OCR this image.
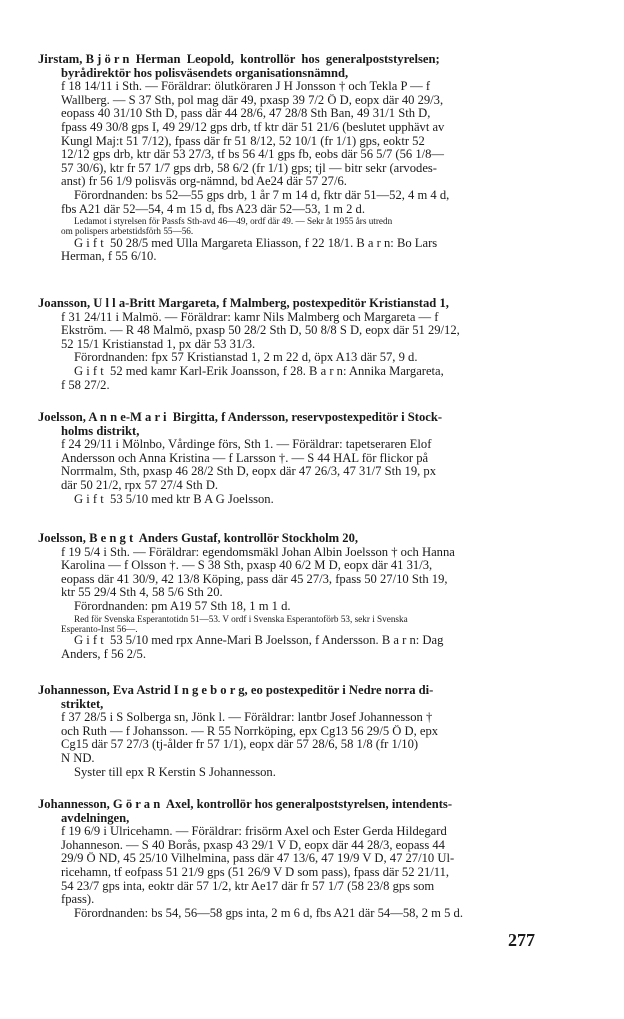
Jirstam, B j ö r n  Herman  Leopold,  kontrollör  hos  generalpoststyrelsen;
byrådirektör hos polisväsendets organisationsnämnd,
f 18 14/11 i Sth. — Föräldrar: ölutköraren J H Jonsson † och Tekla P — f
Wallberg. — S 37 Sth, pol mag där 49, pxasp 39 7/2 Ö D, eopx där 40 29/3,
eopass 40 31/10 Sth D, pass där 44 28/6, 47 28/8 Sth Ban, 49 31/1 Sth D,
fpass 49 30/8 gps I, 49 29/12 gps drb, tf ktr där 51 21/6 (beslutet upphävt av
Kungl Maj:t 51 7/12), fpass där fr 51 8/12, 52 10/1 (fr 1/1) gps, eoktr 52
12/12 gps drb, ktr där 53 27/3, tf bs 56 4/1 gps fb, eobs där 56 5/7 (56 1/8—
57 30/6), ktr fr 57 1/7 gps drb, 58 6/2 (fr 1/1) gps; tjl — bitr sekr (arvodes-
anst) fr 56 1/9 polisväs org-nämnd, bd Ae24 där 57 27/6.
Förordnanden: bs 52—55 gps drb, 1 år 7 m 14 d, fktr där 51—52, 4 m 4 d,
fbs A21 där 52—54, 4 m 15 d, fbs A23 där 52—53, 1 m 2 d.
Ledamot i styrelsen för Passfs Sth-avd 46—49, ordf där 49. — Sekr åt 1955 års utredn
om polispers arbetstidsförh 55—56.
G i f t  50 28/5 med Ulla Margareta Eliasson, f 22 18/1. B a r n: Bo Lars
Herman, f 55 6/10.
Joansson, U l l a-Britt Margareta, f Malmberg, postexpeditör Kristianstad 1,
f 31 24/11 i Malmö. — Föräldrar: kamr Nils Malmberg och Margareta — f
Ekström. — R 48 Malmö, pxasp 50 28/2 Sth D, 50 8/8 S D, eopx där 51 29/12,
52 15/1 Kristianstad 1, px där 53 31/3.
Förordnanden: fpx 57 Kristianstad 1, 2 m 22 d, öpx A13 där 57, 9 d.
G i f t  52 med kamr Karl-Erik Joansson, f 28. B a r n: Annika Margareta,
f 58 27/2.
Joelsson, A n n e-M a r i  Birgitta, f Andersson, reservpostexpeditör i Stock-
holms distrikt,
f 24 29/11 i Mölnbo, Vårdinge förs, Sth 1. — Föräldrar: tapetseraren Elof
Andersson och Anna Kristina — f Larsson †. — S 44 HAL för flickor på
Norrmalm, Sth, pxasp 46 28/2 Sth D, eopx där 47 26/3, 47 31/7 Sth 19, px
där 50 21/2, rpx 57 27/4 Sth D.
G i f t  53 5/10 med ktr B A G Joelsson.
Joelsson, B e n g t  Anders Gustaf, kontrollör Stockholm 20,
f 19 5/4 i Sth. — Föräldrar: egendomsmäkl Johan Albin Joelsson † och Hanna
Karolina — f Olsson †. — S 38 Sth, pxasp 40 6/2 M D, eopx där 41 31/3,
eopass där 41 30/9, 42 13/8 Köping, pass där 45 27/3, fpass 50 27/10 Sth 19,
ktr 55 29/4 Sth 4, 58 5/6 Sth 20.
Förordnanden: pm A19 57 Sth 18, 1 m 1 d.
Red för Svenska Esperantotidn 51—53. V ordf i Svenska Esperantoförb 53, sekr i Svenska
Esperanto-Inst 56—.
G i f t  53 5/10 med rpx Anne-Mari B Joelsson, f Andersson. B a r n: Dag
Anders, f 56 2/5.
Johannesson, Eva Astrid I n g e b o r g, eo postexpeditör i Nedre norra di-
striktet,
f 37 28/5 i S Solberga sn, Jönk l. — Föräldrar: lantbr Josef Johannesson †
och Ruth — f Johansson. — R 55 Norrköping, epx Cg13 56 29/5 Ö D, epx
Cg15 där 57 27/3 (tj-ålder fr 57 1/1), eopx där 57 28/6, 58 1/8 (fr 1/10)
N ND.
Syster till epx R Kerstin S Johannesson.
Johannesson, G ö r a n  Axel, kontrollör hos generalpoststyrelsen, intendents-
avdelningen,
f 19 6/9 i Ulricehamn. — Föräldrar: frisörm Axel och Ester Gerda Hildegard
Johanneson. — S 40 Borås, pxasp 43 29/1 V D, eopx där 44 28/3, eopass 44
29/9 Ö ND, 45 25/10 Vilhelmina, pass där 47 13/6, 47 19/9 V D, 47 27/10 Ul-
ricehamn, tf eofpass 51 21/9 gps (51 26/9 V D som pass), fpass där 52 21/11,
54 23/7 gps inta, eoktr där 57 1/2, ktr Ae17 där fr 57 1/7 (58 23/8 gps som
fpass).
Förordnanden: bs 54, 56—58 gps inta, 2 m 6 d, fbs A21 där 54—58, 2 m 5 d.
277
